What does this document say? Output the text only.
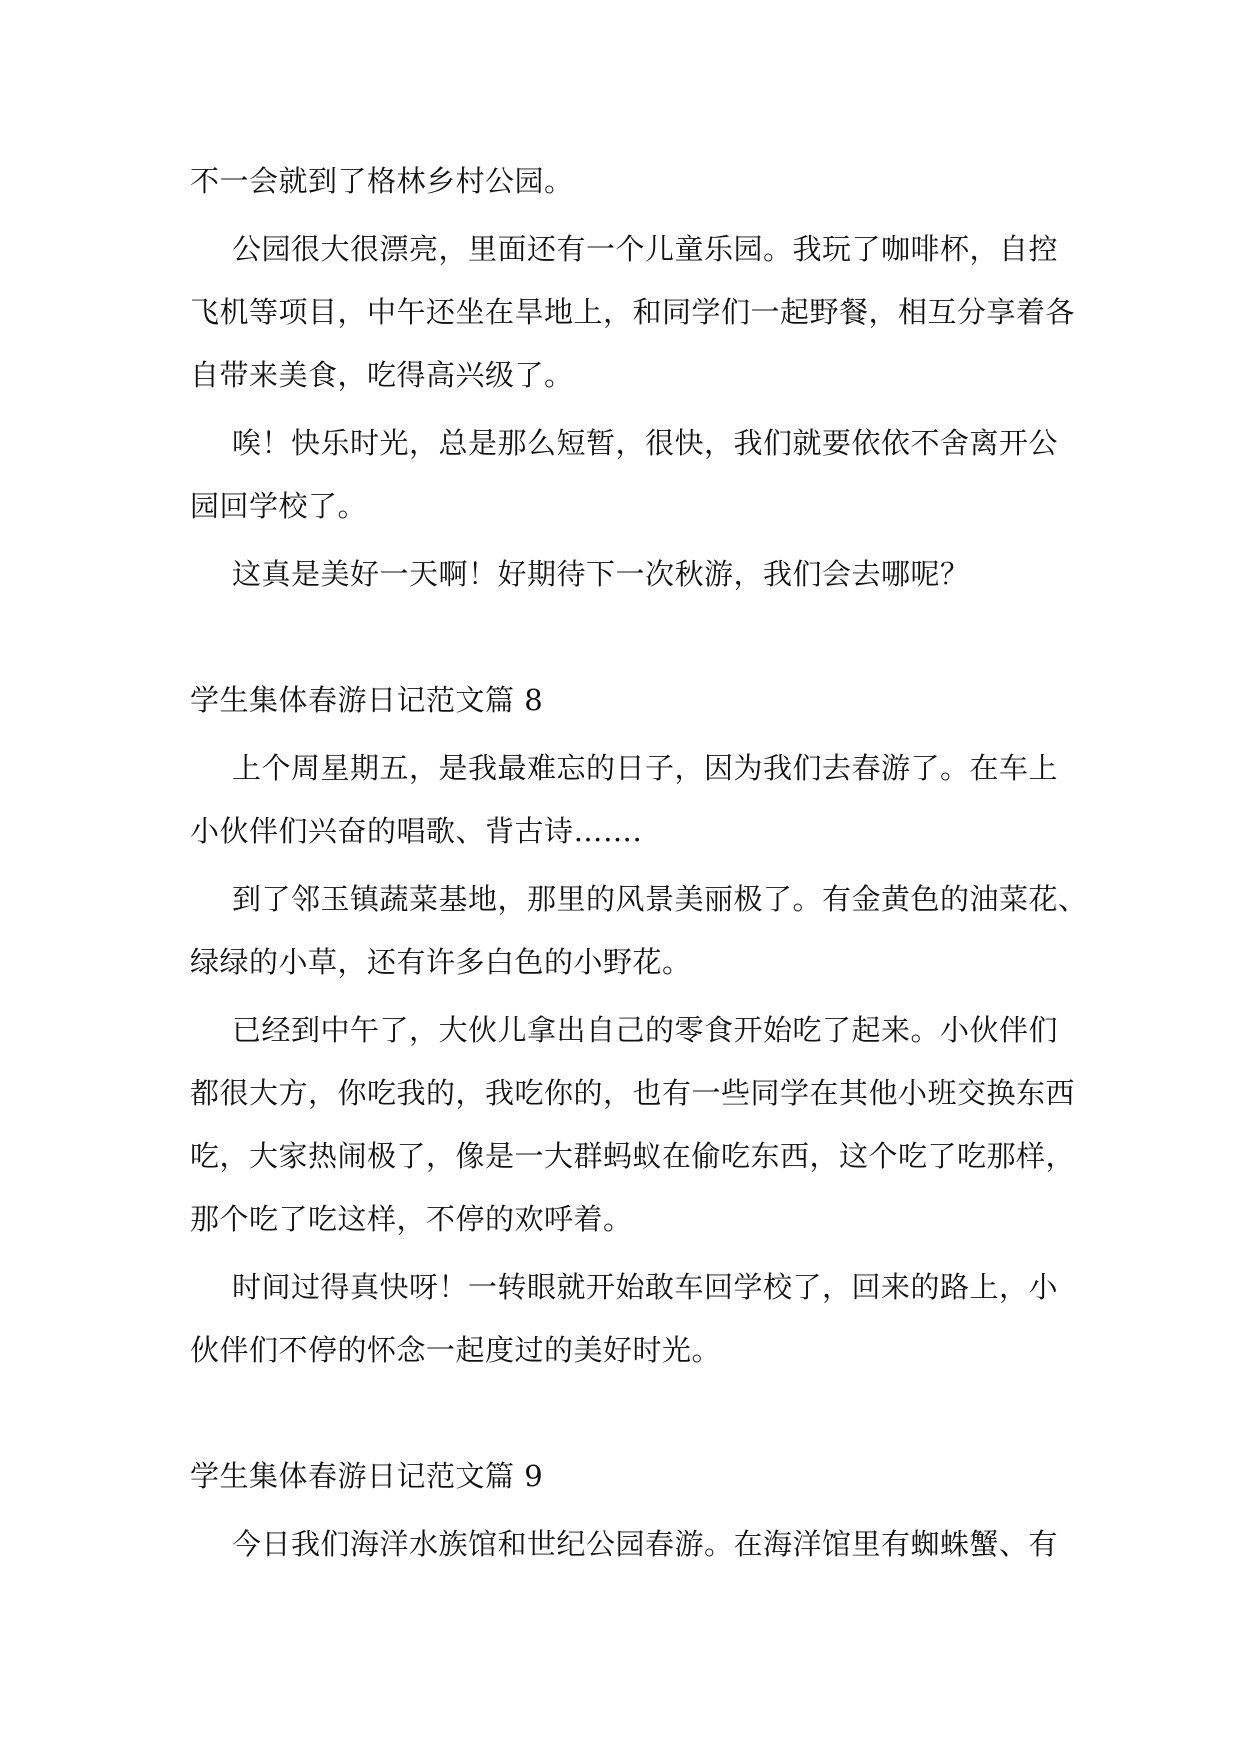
不一会就到了格林乡村公园。
公园很大很漂亮，里面还有一个儿童乐园。我玩了咖啡杯，自控
飞机等项目，中午还坐在旱地上，和同学们一起野餐，相互分享着各
自带来美食，吃得高兴级了。
唉！快乐时光，总是那么短暂，很快，我们就要依依不舍离开公
园回学校了。
这真是美好一天啊！好期待下一次秋游，我们会去哪呢？
学生集体春游日记范文篇 8
上个周星期五，是我最难忘的日子，因为我们去春游了。在车上
小伙伴们兴奋的唱歌、背古诗…….
到了邻玉镇蔬菜基地，那里的风景美丽极了。有金黄色的油菜花、
绿绿的小草，还有许多白色的小野花。
已经到中午了，大伙儿拿出自己的零食开始吃了起来。小伙伴们
都很大方，你吃我的，我吃你的，也有一些同学在其他小班交换东西
吃，大家热闹极了，像是一大群蚂蚁在偷吃东西，这个吃了吃那样，
那个吃了吃这样，不停的欢呼着。
时间过得真快呀！一转眼就开始敢车回学校了，回来的路上，小
伙伴们不停的怀念一起度过的美好时光。
学生集体春游日记范文篇 9
今日我们海洋水族馆和世纪公园春游。在海洋馆里有蜘蛛蟹、有
